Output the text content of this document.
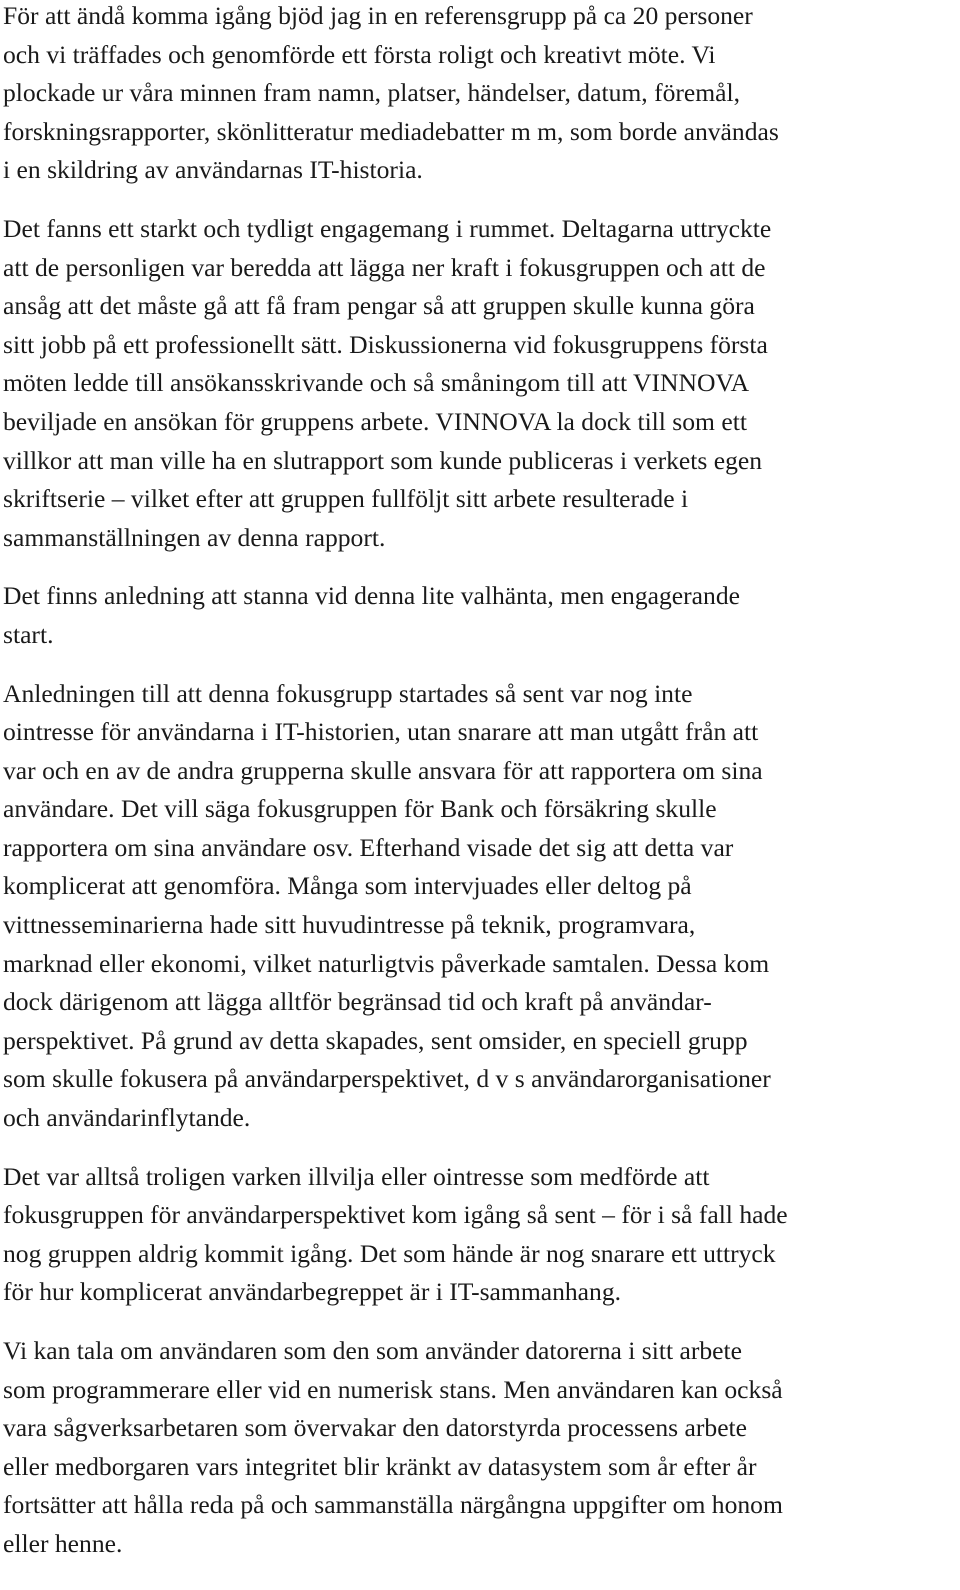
För att ändå komma igång bjöd jag in en referensgrupp på ca 20 personer
och vi träffades och genomförde ett första roligt och kreativt möte. Vi
plockade ur våra minnen fram namn, platser, händelser, datum, föremål,
forskningsrapporter, skönlitteratur mediadebatter m m, som borde användas
i en skildring av användarnas IT-historia.

Det fanns ett starkt och tydligt engagemang i rummet. Deltagarna uttryckte
att de personligen var beredda att lägga ner kraft i fokusgruppen och att de
ansåg att det måste gå att få fram pengar så att gruppen skulle kunna göra
sitt jobb på ett professionellt sätt. Diskussionerna vid fokusgruppens första
möten ledde till ansökansskrivande och så småningom till att VINNOVA
beviljade en ansökan för gruppens arbete. VINNOVA la dock till som ett
villkor att man ville ha en slutrapport som kunde publiceras i verkets egen
skriftserie – vilket efter att gruppen fullföljt sitt arbete resulterade i
sammanställningen av denna rapport.

Det finns anledning att stanna vid denna lite valhänta, men engagerande
start.

Anledningen till att denna fokusgrupp startades så sent var nog inte
ointresse för användarna i IT-historien, utan snarare att man utgått från att
var och en av de andra grupperna skulle ansvara för att rapportera om sina
användare. Det vill säga fokusgruppen för Bank och försäkring skulle
rapportera om sina användare osv. Efterhand visade det sig att detta var
komplicerat att genomföra. Många som intervjuades eller deltog på
vittnesseminarierna hade sitt huvudintresse på teknik, programvara,
marknad eller ekonomi, vilket naturligtvis påverkade samtalen. Dessa kom
dock därigenom att lägga alltför begränsad tid och kraft på användar-
perspektivet. På grund av detta skapades, sent omsider, en speciell grupp
som skulle fokusera på användarperspektivet, d v s användarorganisationer
och användarinflytande.

Det var alltså troligen varken illvilja eller ointresse som medförde att
fokusgruppen för användarperspektivet kom igång så sent – för i så fall hade
nog gruppen aldrig kommit igång. Det som hände är nog snarare ett uttryck
för hur komplicerat användarbegreppet är i IT-sammanhang.

Vi kan tala om användaren som den som använder datorerna i sitt arbete
som programmerare eller vid en numerisk stans. Men användaren kan också
vara sågverksarbetaren som övervakar den datorstyrda processens arbete
eller medborgaren vars integritet blir kränkt av datasystem som år efter år
fortsätter att hålla reda på och sammanställa närgångna uppgifter om honom
eller henne.
